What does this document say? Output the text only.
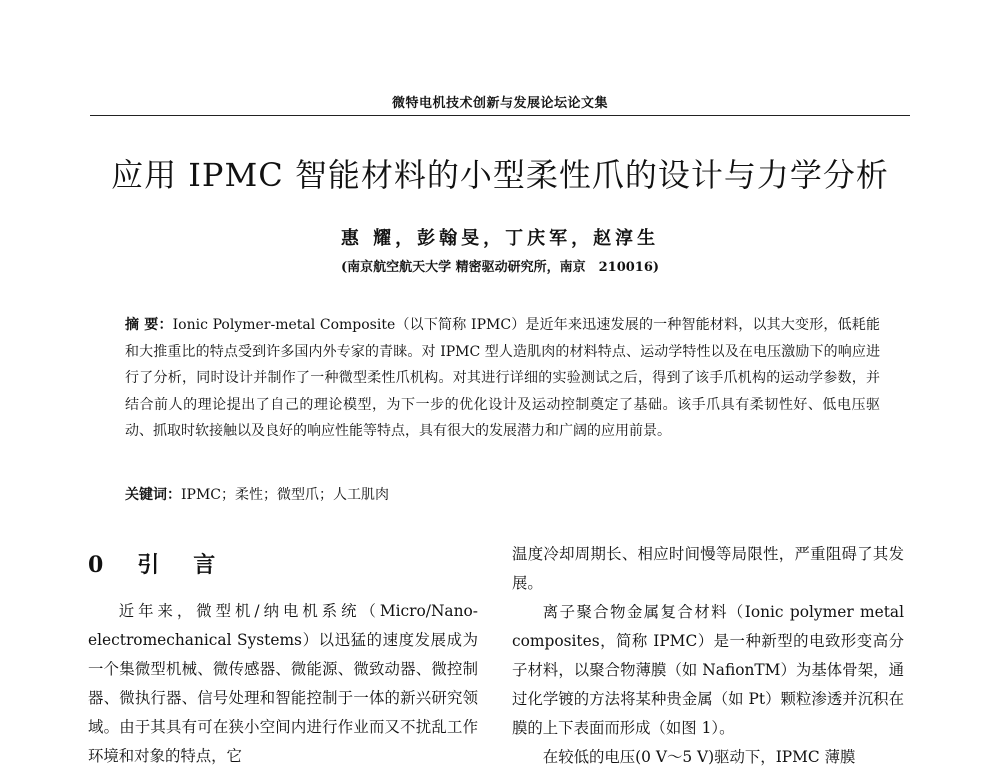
微特电机技术创新与发展论坛论文集
应用 IPMC 智能材料的小型柔性爪的设计与力学分析
惠 耀，彭翰旻，丁庆军，赵淳生
(南京航空航天大学 精密驱动研究所，南京　210016)
摘 要：Ionic Polymer-metal Composite（以下简称 IPMC）是近年来迅速发展的一种智能材料，以其大变形，低耗能和大推重比的特点受到许多国内外专家的青睐。对 IPMC 型人造肌肉的材料特点、运动学特性以及在电压激励下的响应进行了分析，同时设计并制作了一种微型柔性爪机构。对其进行详细的实验测试之后，得到了该手爪机构的运动学参数，并结合前人的理论提出了自己的理论模型，为下一步的优化设计及运动控制奠定了基础。该手爪具有柔韧性好、低电压驱动、抓取时软接触以及良好的响应性能等特点，具有很大的发展潜力和广阔的应用前景。
关键词：IPMC；柔性；微型爪；人工肌肉
0　引　言

近年来，微型机/纳电机系统（Micro/Nano-electromechanical Systems）以迅猛的速度发展成为一个集微型机械、微传感器、微能源、微致动器、微控制器、微执行器、信号处理和智能控制于一体的新兴研究领域。由于其具有可在狭小空间内进行作业而又不扰乱工作环境和对象的特点，它

温度冷却周期长、相应时间慢等局限性，严重阻碍了其发展。

离子聚合物金属复合材料（Ionic polymer metal composites，简称 IPMC）是一种新型的电致形变高分子材料，以聚合物薄膜（如 NafionTM）为基体骨架，通过化学镀的方法将某种贵金属（如 Pt）颗粒渗透并沉积在膜的上下表面而形成（如图 1）。

在较低的电压(0 V～5 V)驱动下，IPMC 薄膜
